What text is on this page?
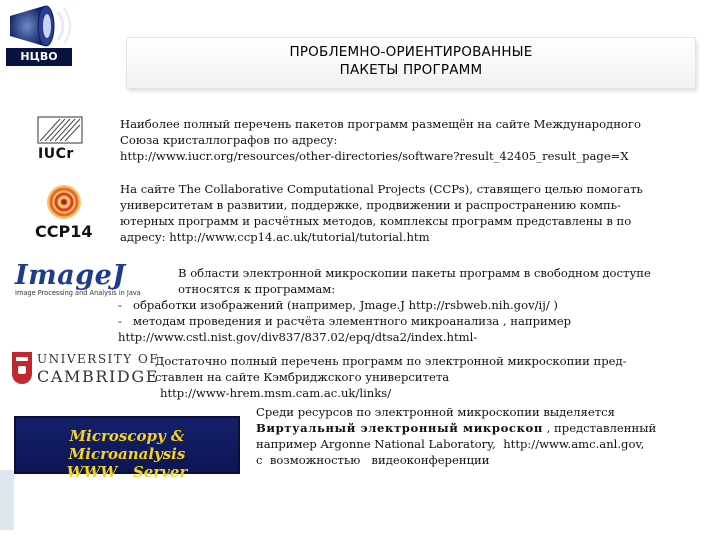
НЦВО РАН
ПРОБЛЕМНО-ОРИЕНТИРОВАННЫЕ
ПАКЕТЫ ПРОГРАММ
IUCr
Наиболее полный перечень пакетов программ размещён на сайте Международного
Союза кристаллографов по адресу:
http://www.iucr.org/resources/other-directories/software?result_42405_result_page=X
CCP14
На сайте The Collaborative Computational Projects (CCPs), ставящего целью помогать
университетам в развитии, поддержке, продвижении и распространению компь-
ютерных программ и расчётных методов, комплексы программ представлены в по
адресу: http://www.ccp14.ac.uk/tutorial/tutorial.htm
ImageJ
Image Processing and Analysis in Java
В области электронной микроскопии пакеты программ в свободном доступе
относятся к программам:
-   обработки изображений (например, Jmage.J http://rsbweb.nih.gov/ij/ )
-   методам проведения и расчёта элементного микроанализа , например
http://www.cstl.nist.gov/div837/837.02/epq/dtsa2/index.html-
UNIVERSITY OF
CAMBRIDGE
Достаточно полный перечень программ по электронной микроскопии пред-
ставлен на сайте Кэмбриджского университета
http://www-hrem.msm.cam.ac.uk/links/
Microscopy & Microanalysis
WWW   Server
Среди ресурсов по электронной микроскопии выделяется
Виртуальный электронный микроскоп , представленный
например Argonne National Laboratory,  http://www.amc.anl.gov,
с  возможностью   видеоконференции
